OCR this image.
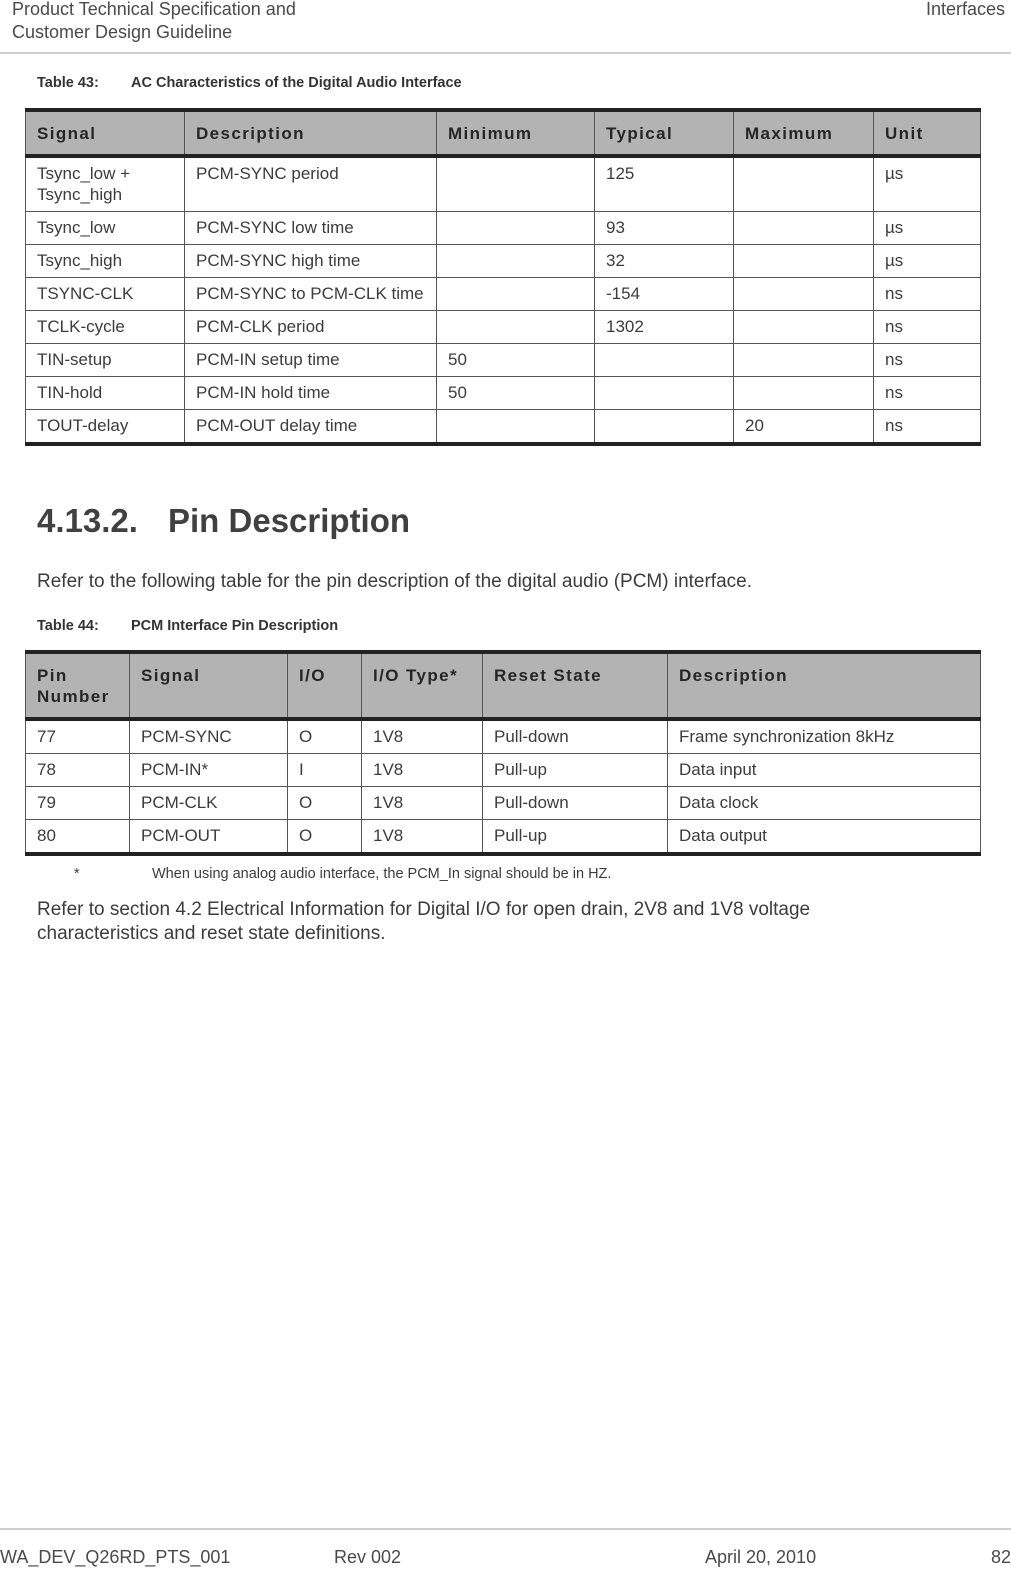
Product Technical Specification and
Customer Design Guideline
Interfaces
Table 43: AC Characteristics of the Digital Audio Interface
Signal	Description	Minimum	Typical	Maximum	Unit
Tsync_low + Tsync_high	PCM-SYNC period		125		µs
Tsync_low	PCM-SYNC low time		93		µs
Tsync_high	PCM-SYNC high time		32		µs
TSYNC-CLK	PCM-SYNC to PCM-CLK time		-154		ns
TCLK-cycle	PCM-CLK period		1302		ns
TIN-setup	PCM-IN setup time	50			ns
TIN-hold	PCM-IN hold time	50			ns
TOUT-delay	PCM-OUT delay time			20	ns
4.13.2. Pin Description
Refer to the following table for the pin description of the digital audio (PCM) interface.
Table 44: PCM Interface Pin Description
Pin Number	Signal	I/O	I/O Type*	Reset State	Description
77	PCM-SYNC	O	1V8	Pull-down	Frame synchronization 8kHz
78	PCM-IN*	I	1V8	Pull-up	Data input
79	PCM-CLK	O	1V8	Pull-down	Data clock
80	PCM-OUT	O	1V8	Pull-up	Data output
*	When using analog audio interface, the PCM_In signal should be in HZ.
Refer to section 4.2 Electrical Information for Digital I/O for open drain, 2V8 and 1V8 voltage characteristics and reset state definitions.
WA_DEV_Q26RD_PTS_001	Rev 002	April 20, 2010	82
